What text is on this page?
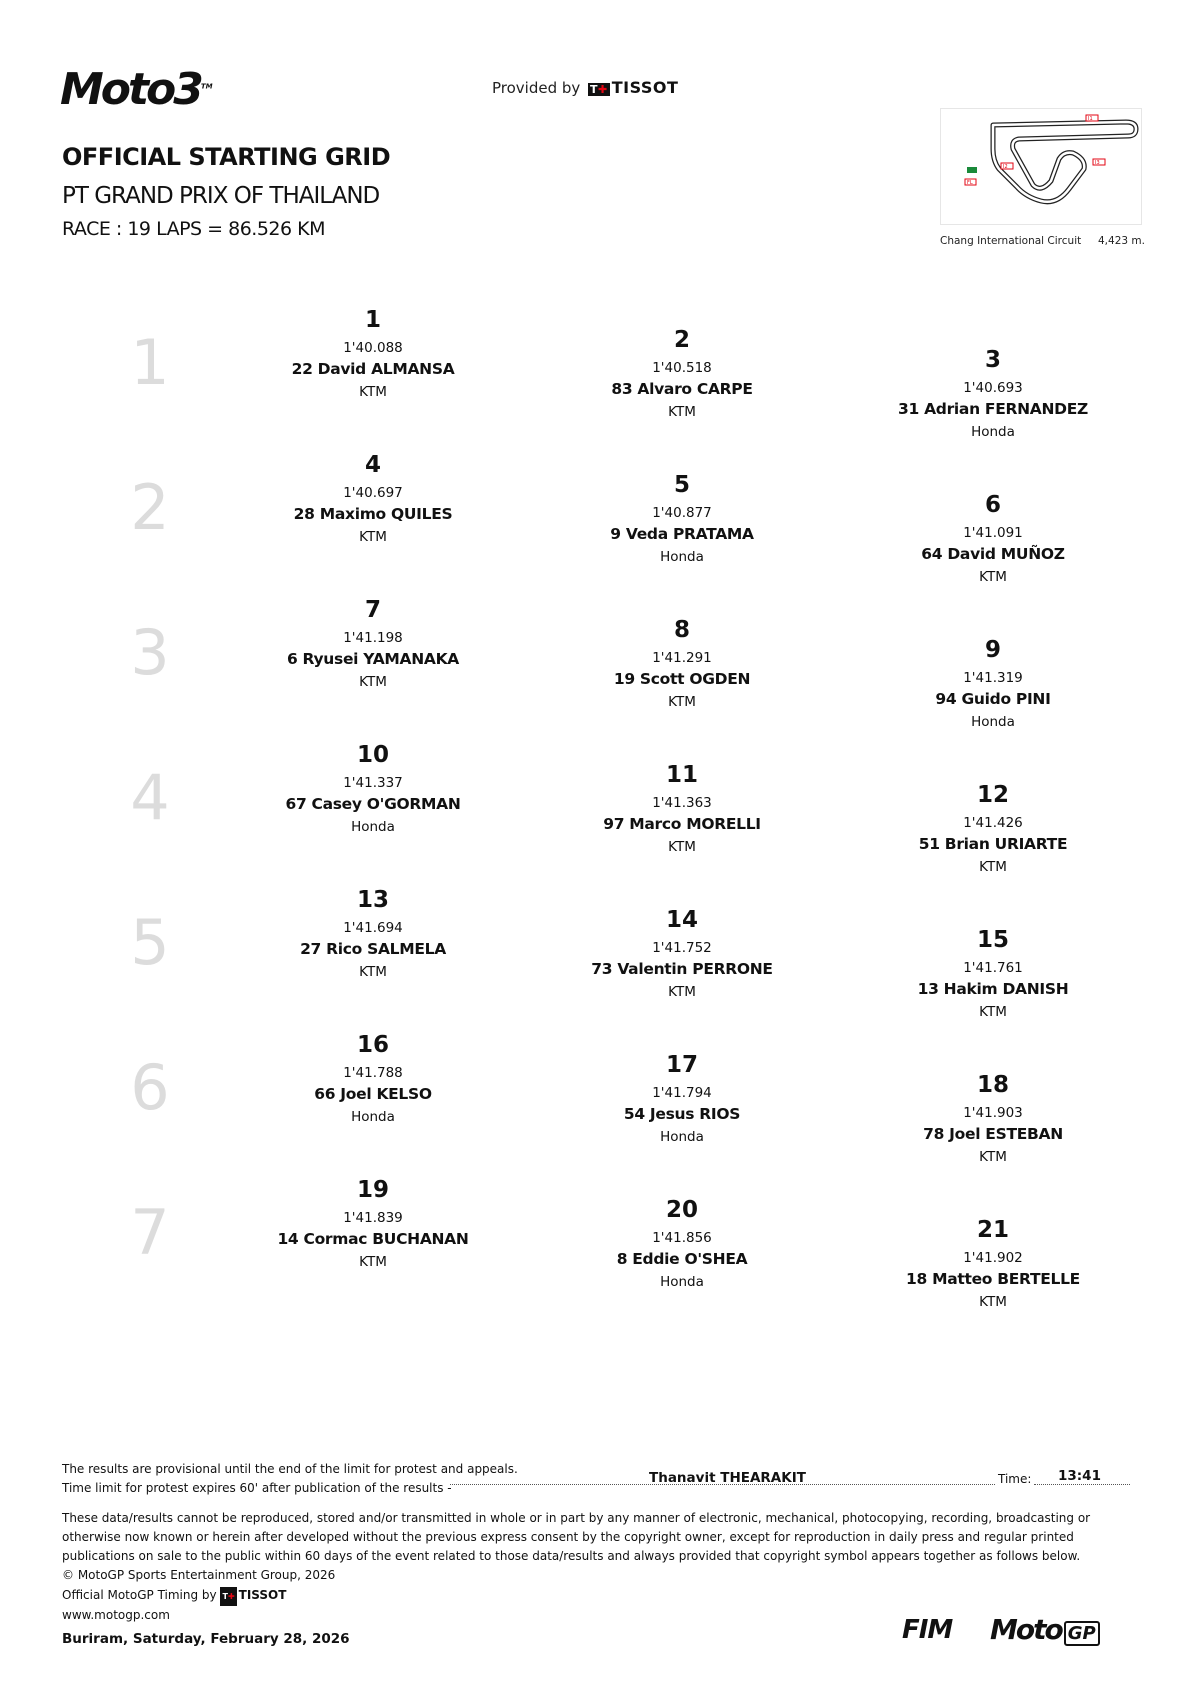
Moto3™	Provided by T✚ TISSOT
OFFICIAL STARTING GRID
PT GRAND PRIX OF THAILAND
RACE : 19 LAPS = 86.526 KM
I1
I2
I3
FL
Chang International Circuit 4,423 m.
1
2
3
4
5
6
7
1
1'40.088
22 David ALMANSA
KTM
2
1'40.518
83 Alvaro CARPE
KTM
3
1'40.693
31 Adrian FERNANDEZ
Honda
4
1'40.697
28 Maximo QUILES
KTM
5
1'40.877
9 Veda PRATAMA
Honda
6
1'41.091
64 David MUÑOZ
KTM
7
1'41.198
6 Ryusei YAMANAKA
KTM
8
1'41.291
19 Scott OGDEN
KTM
9
1'41.319
94 Guido PINI
Honda
10
1'41.337
67 Casey O'GORMAN
Honda
11
1'41.363
97 Marco MORELLI
KTM
12
1'41.426
51 Brian URIARTE
KTM
13
1'41.694
27 Rico SALMELA
KTM
14
1'41.752
73 Valentin PERRONE
KTM
15
1'41.761
13 Hakim DANISH
KTM
16
1'41.788
66 Joel KELSO
Honda
17
1'41.794
54 Jesus RIOS
Honda
18
1'41.903
78 Joel ESTEBAN
KTM
19
1'41.839
14 Cormac BUCHANAN
KTM
20
1'41.856
8 Eddie O'SHEA
Honda
21
1'41.902
18 Matteo BERTELLE
KTM
The results are provisional until the end of the limit for protest and appeals.
Time limit for protest expires 60' after publication of the results -
Thanavit THEARAKIT	Time: 13:41
These data/results cannot be reproduced, stored and/or transmitted in whole or in part by any manner of electronic, mechanical, photocopying, recording, broadcasting or otherwise now known or herein after developed without the previous express consent by the copyright owner, except for reproduction in daily press and regular printed publications on sale to the public within 60 days of the event related to those data/results and always provided that copyright symbol appears together as follows below.
© MotoGP Sports Entertainment Group, 2026
Official MotoGP Timing by T✚ TISSOT
www.motogp.com
Buriram, Saturday, February 28, 2026	FIM Moto GP
